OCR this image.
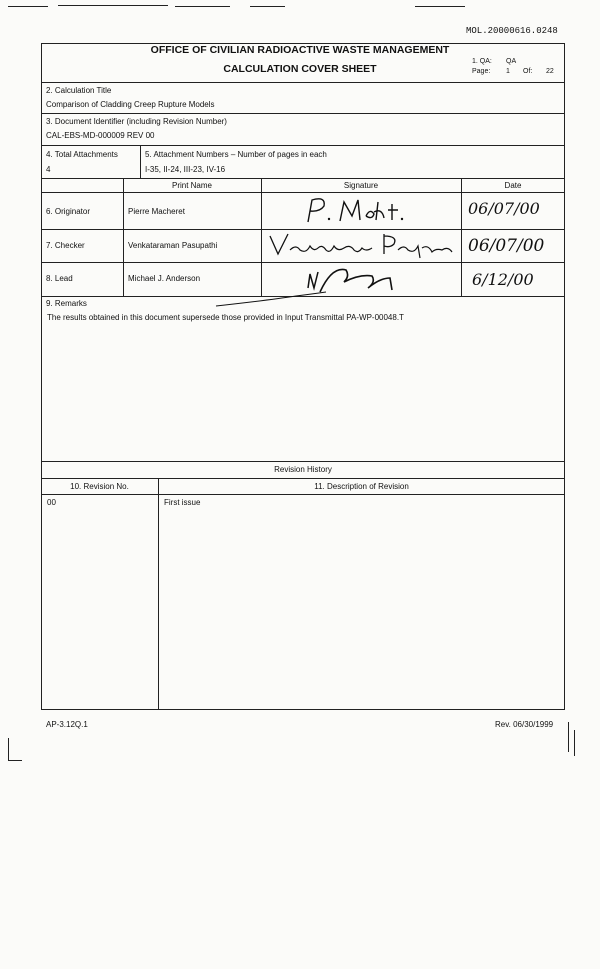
MOL.20000616.0248
OFFICE OF CIVILIAN RADIOACTIVE WASTE MANAGEMENT
CALCULATION COVER SHEET
1. QA: QA
Page: 1 Of: 22
2. Calculation Title
Comparison of Cladding Creep Rupture Models
3. Document Identifier (including Revision Number)
CAL-EBS-MD-000009 REV 00
4. Total Attachments
4
5. Attachment Numbers – Number of pages in each
I-35, II-24, III-23, IV-16
Print Name	Signature	Date
6. Originator	Pierre Macheret	06/07/00
7. Checker	Venkataraman Pasupathi	06/07/00
8. Lead	Michael J. Anderson	6/12/00
9. Remarks
The results obtained in this document supersede those provided in Input Transmittal PA-WP-00048.T
Revision History
10. Revision No.	11. Description of Revision
00	First issue
AP-3.12Q.1	Rev. 06/30/1999
